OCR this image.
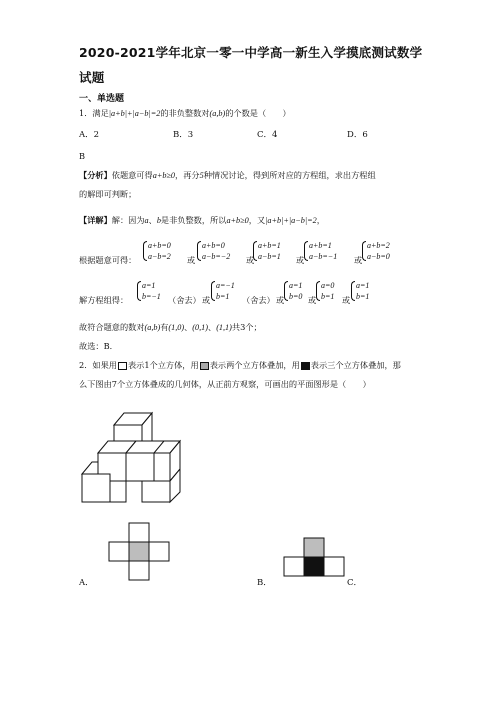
2020-2021学年北京一零一中学高一新生入学摸底测试数学
试题
一、单选题
1．满足|a+b|+|a−b|=2的非负整数对(a,b)的个数是（　　）
A．2	B．3	C．4	D．6
B
【分析】依题意可得a+b≥0，再分5种情况讨论，得到所对应的方程组，求出方程组
的解即可判断；
【详解】解：因为a、b是非负整数，所以a+b≥0，又|a+b|+|a−b|=2，
根据题意可得：
a+b=0
a−b=2 或
a+b=0
a−b=−2 或
a+b=1
a−b=1 或
a+b=1
a−b=−1 或
a+b=2
a−b=0
解方程组得：
a=1
b=−1 （舍去） 或
a=−1
b=1	（舍去） 或
a=1
b=0 或
a=0
b=1 或
a=1
b=1
故符合题意的数对(a,b)有(1,0)、(0,1)、(1,1)共3个；
故选：B．
2．如果用 表示1个立方体，用 表示两个立方体叠加，用 表示三个立方体叠加，那
么下图由7个立方体叠成的几何体，从正前方观察，可画出的平面图形是（　　）
A．	B．	C．
